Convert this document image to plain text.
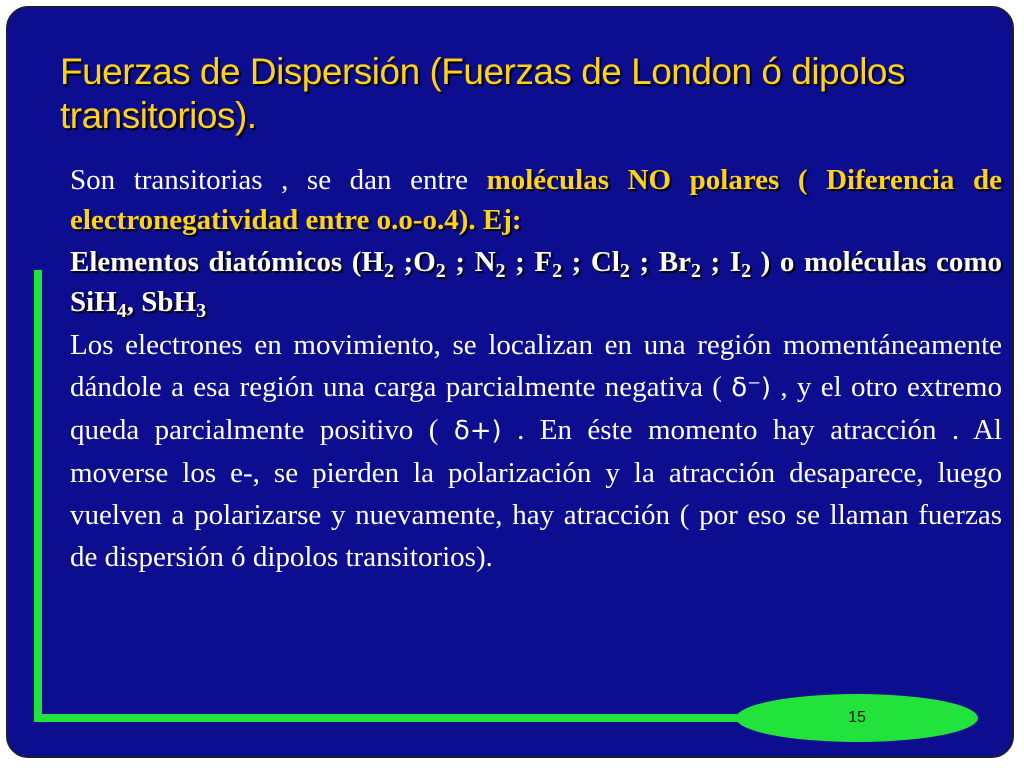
Fuerzas de Dispersión (Fuerzas de London ó dipolos transitorios).

Son transitorias , se dan entre moléculas NO polares ( Diferencia de electronegatividad entre o.o-o.4). Ej:

Elementos diatómicos ($H_2$ $;O_2$ ; $N_2$ ; $F_2$ ; $Cl_2$ ; $Br_2$ ; $I_2$ ) o moléculas como SiH$_4$, SbH$_3$

Los electrones en movimiento, se localizan en una región momentáneamente dándole a esa región una carga parcialmente negativa ( δ⁻) , y el otro extremo queda parcialmente positivo ( δ+) . En éste momento hay atracción . Al moverse los e-, se pierden la polarización y la atracción desaparece, luego vuelven a polarizarse y nuevamente, hay atracción ( por eso se llaman fuerzas de dispersión ó dipolos transitorios).

15
